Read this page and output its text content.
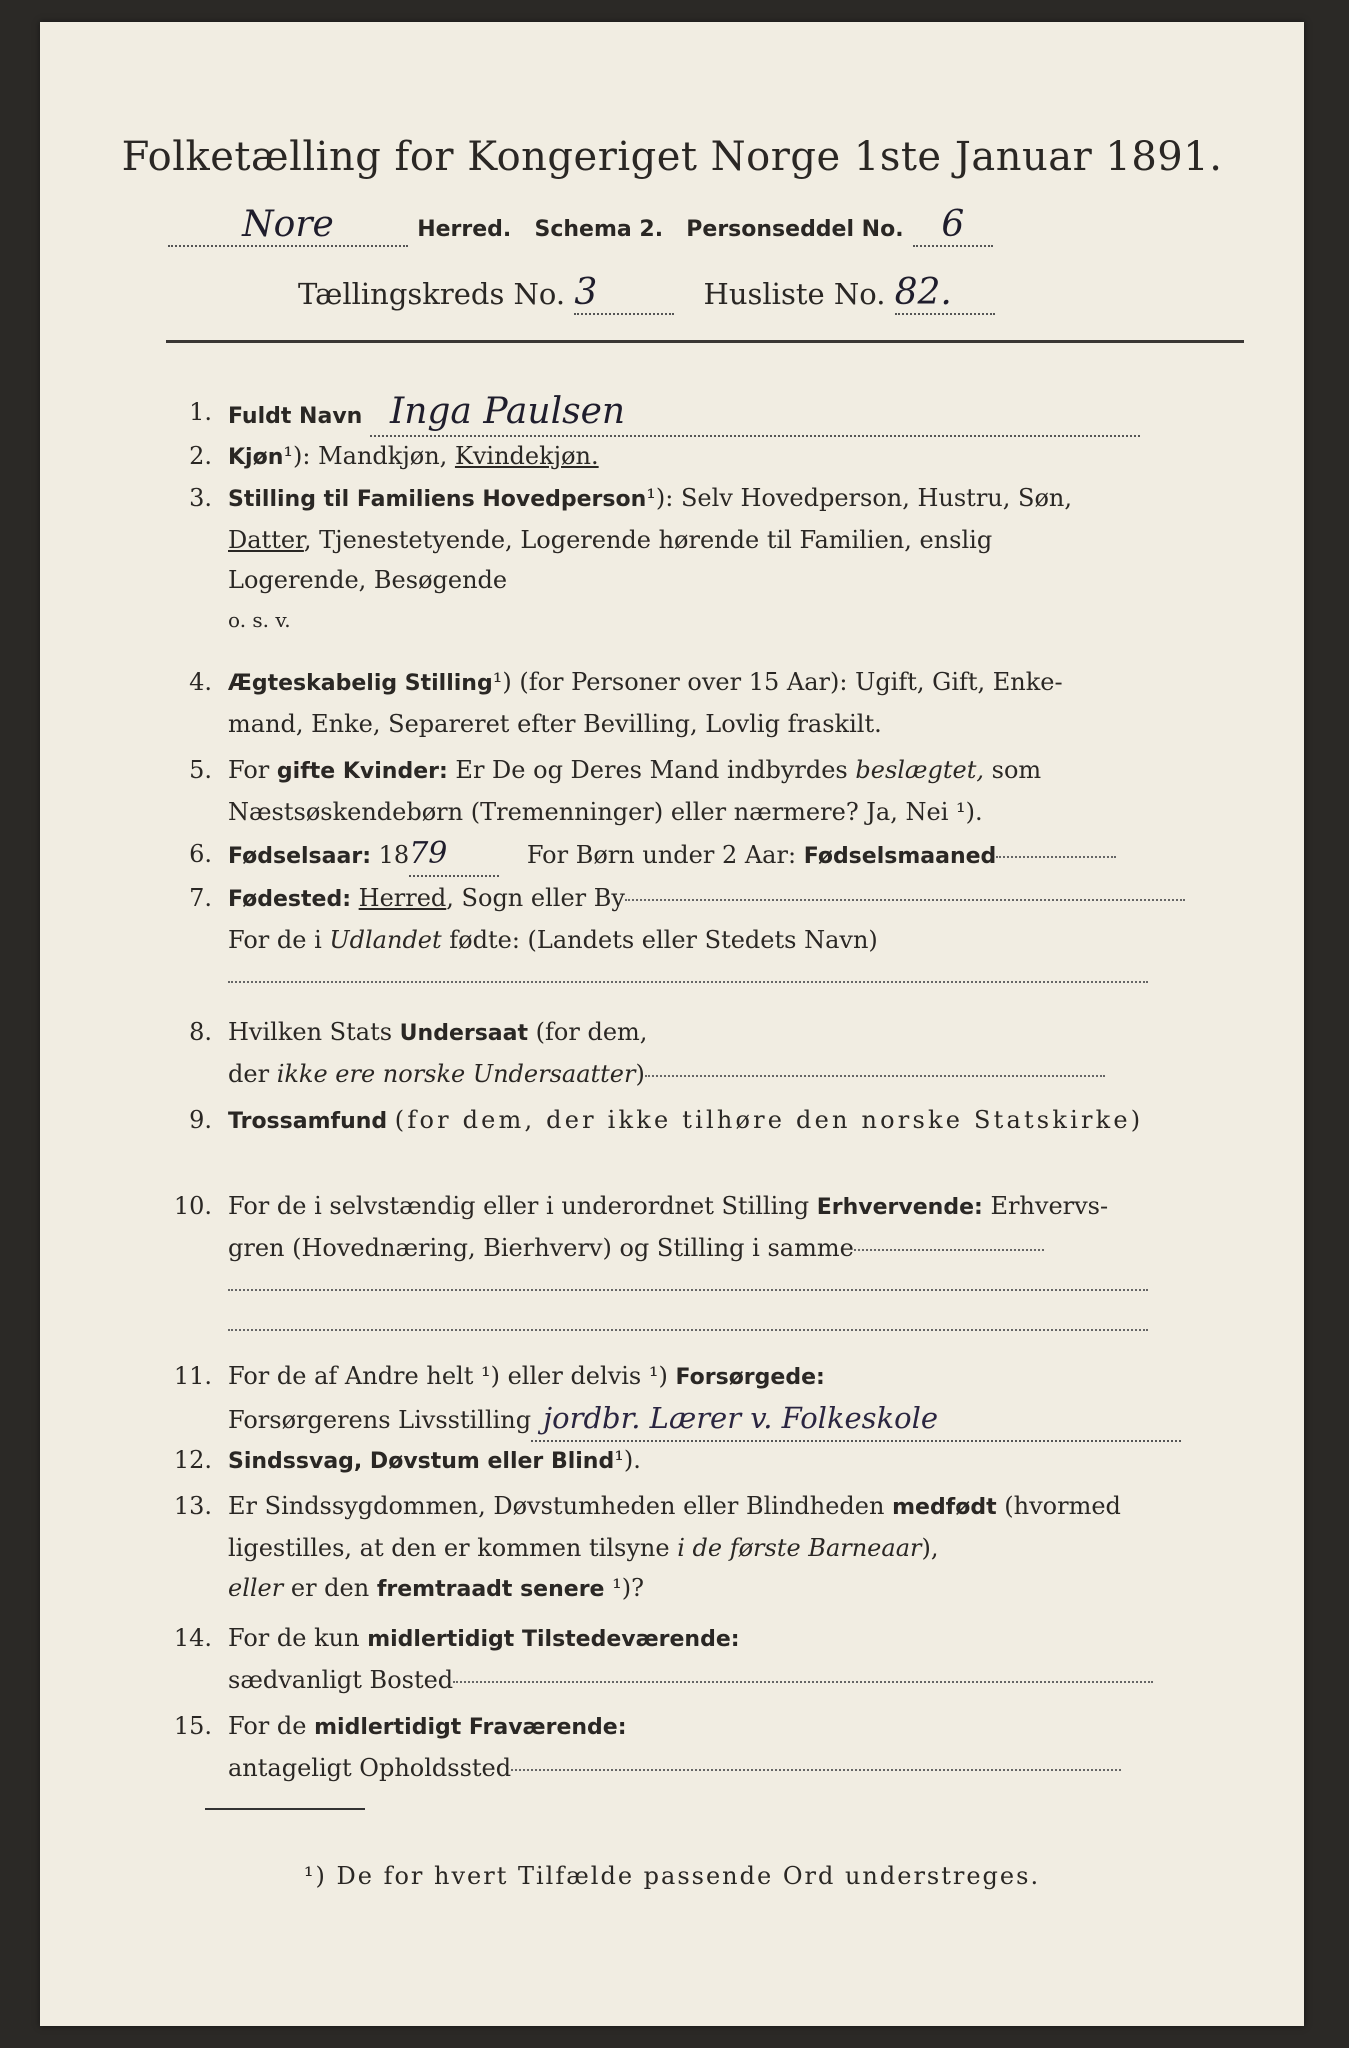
Folketælling for Kongeriget Norge 1ste Januar 1891.
Nore	Herred. Schema 2. Personseddel No. 6
Tællingskreds No. 3	Husliste No. 82.
1. Fuldt Navn Inga Paulsen
2. Kjøn¹): Mandkjøn, Kvindekjøn.
3. Stilling til Familiens Hovedperson¹): Selv Hovedperson, Hustru, Søn,
Datter, Tjenestetyende, Logerende hørende til Familien, enslig
Logerende, Besøgende
o. s. v.
4. Ægteskabelig Stilling¹) (for Personer over 15 Aar): Ugift, Gift, Enke-
mand, Enke, Separeret efter Bevilling, Lovlig fraskilt.
5. For gifte Kvinder: Er De og Deres Mand indbyrdes beslægtet, som
Næstsøskendebørn (Tremenninger) eller nærmere? Ja, Nei ¹).
6. Fødselsaar: 1879	For Børn under 2 Aar: Fødselsmaaned
7. Fødested: Herred, Sogn eller By
For de i Udlandet fødte: (Landets eller Stedets Navn)
8. Hvilken Stats Undersaat (for dem,
der ikke ere norske Undersaatter)
9. Trossamfund (for dem, der ikke tilhøre den norske Statskirke)
10. For de i selvstændig eller i underordnet Stilling Erhvervende: Erhvervs-
gren (Hovednæring, Bierhverv) og Stilling i samme
11. For de af Andre helt ¹) eller delvis ¹) Forsørgede:
Forsørgerens Livsstilling jordbr. Lærer v. Folkeskole
12. Sindssvag, Døvstum eller Blind¹).
13. Er Sindssygdommen, Døvstumheden eller Blindheden medfødt (hvormed
ligestilles, at den er kommen tilsyne i de første Barneaar),
eller er den fremtraadt senere ¹)?
14. For de kun midlertidigt Tilstedeværende:
sædvanligt Bosted
15. For de midlertidigt Fraværende:
antageligt Opholdssted
¹) De for hvert Tilfælde passende Ord understreges.
